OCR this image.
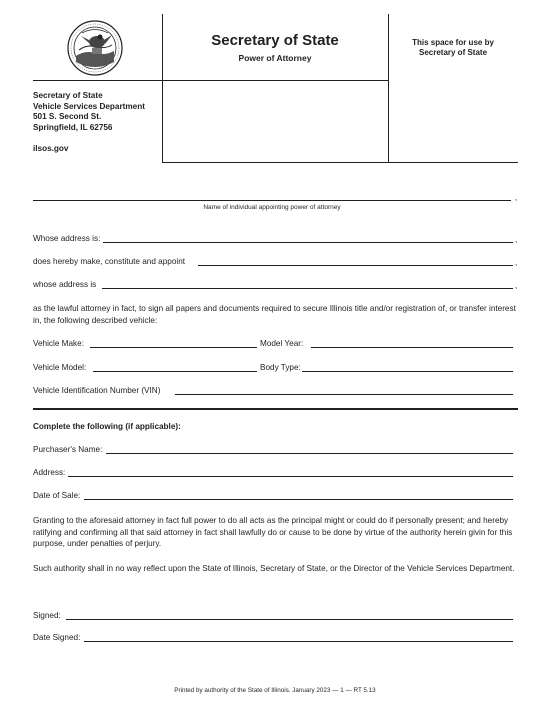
Secretary of State
Power of Attorney
This space for use by
Secretary of State
Secretary of State
Vehicle Services Department
501 S. Second St.
Springfield, IL 62756
ilsos.gov
,
Name of individual appointing power of attorney
Whose address is:	,
does hereby make, constitute and appoint	,
whose address is	,
as the lawful attorney in fact, to sign all papers and documents required to secure Illinois title and/or registration of, or transfer interest in, the following described vehicle:
Vehicle Make:	Model Year:
Vehicle Model:	Body Type:
Vehicle Identification Number (VIN)
Complete the following (if applicable):
Purchaser's Name:
Address:
Date of Sale:
Granting to the aforesaid attorney in fact full power to do all acts as the principal might or could do if personally present; and hereby ratifying and confirming all that said attorney in fact shall lawfully do or cause to be done by virtue of the authority herein givin for this purpose, under penalties of perjury.
Such authority shall in no way reflect upon the State of Illinois, Secretary of State, or the Director of the Vehicle Services Department.
Signed:
Date Signed:
Printed by authority of the State of Illinois. January 2023 — 1 — RT 5.13
